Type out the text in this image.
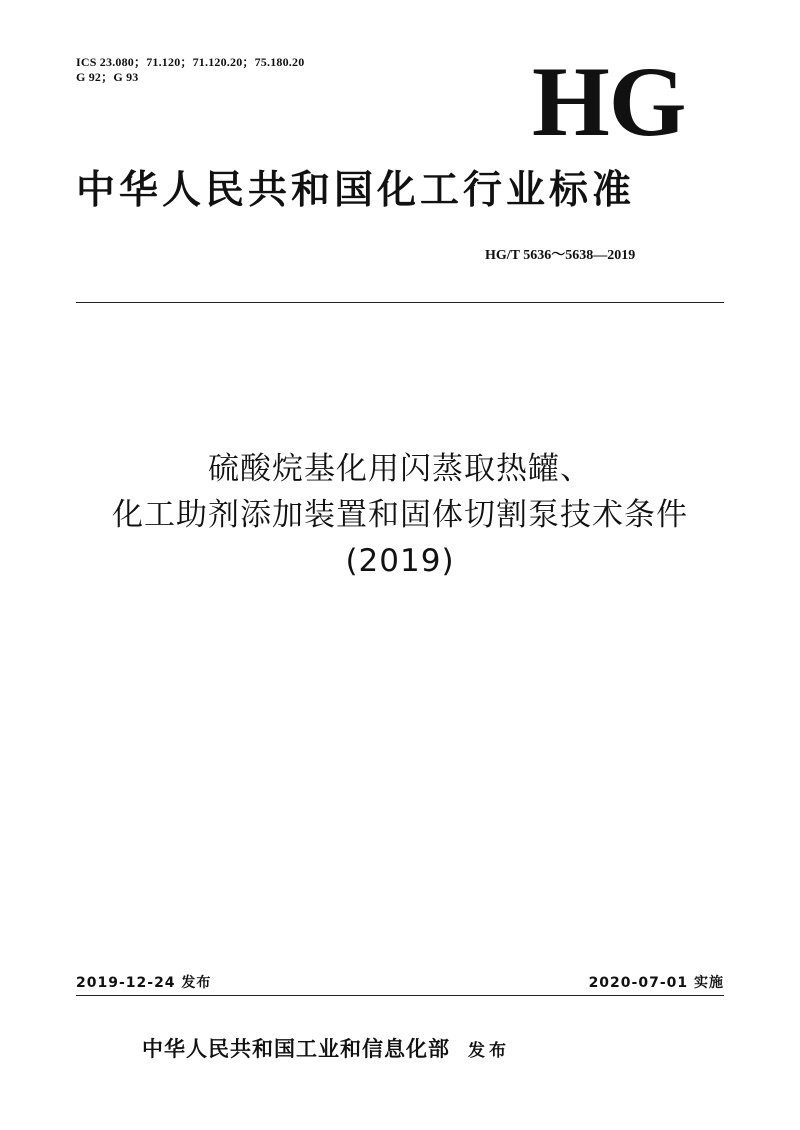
ICS 23.080；71.120；71.120.20；75.180.20
G 92；G 93	HG
中华人民共和国化工行业标准
HG/T 5636～5638—2019
硫酸烷基化用闪蒸取热罐、
化工助剂添加装置和固体切割泵技术条件
(2019)
2019-12-24 发布	2020-07-01 实施
中华人民共和国工业和信息化部 发布
